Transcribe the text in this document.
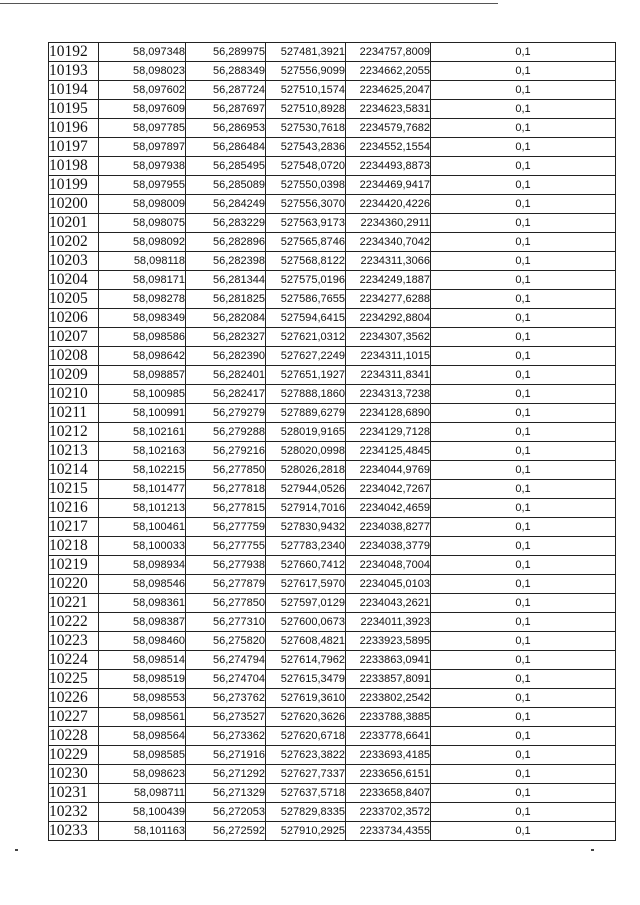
10192	58,097348	56,289975	527481,3921	2234757,8009	0,1
10193	58,098023	56,288349	527556,9099	2234662,2055	0,1
10194	58,097602	56,287724	527510,1574	2234625,2047	0,1
10195	58,097609	56,287697	527510,8928	2234623,5831	0,1
10196	58,097785	56,286953	527530,7618	2234579,7682	0,1
10197	58,097897	56,286484	527543,2836	2234552,1554	0,1
10198	58,097938	56,285495	527548,0720	2234493,8873	0,1
10199	58,097955	56,285089	527550,0398	2234469,9417	0,1
10200	58,098009	56,284249	527556,3070	2234420,4226	0,1
10201	58,098075	56,283229	527563,9173	2234360,2911	0,1
10202	58,098092	56,282896	527565,8746	2234340,7042	0,1
10203	58,098118	56,282398	527568,8122	2234311,3066	0,1
10204	58,098171	56,281344	527575,0196	2234249,1887	0,1
10205	58,098278	56,281825	527586,7655	2234277,6288	0,1
10206	58,098349	56,282084	527594,6415	2234292,8804	0,1
10207	58,098586	56,282327	527621,0312	2234307,3562	0,1
10208	58,098642	56,282390	527627,2249	2234311,1015	0,1
10209	58,098857	56,282401	527651,1927	2234311,8341	0,1
10210	58,100985	56,282417	527888,1860	2234313,7238	0,1
10211	58,100991	56,279279	527889,6279	2234128,6890	0,1
10212	58,102161	56,279288	528019,9165	2234129,7128	0,1
10213	58,102163	56,279216	528020,0998	2234125,4845	0,1
10214	58,102215	56,277850	528026,2818	2234044,9769	0,1
10215	58,101477	56,277818	527944,0526	2234042,7267	0,1
10216	58,101213	56,277815	527914,7016	2234042,4659	0,1
10217	58,100461	56,277759	527830,9432	2234038,8277	0,1
10218	58,100033	56,277755	527783,2340	2234038,3779	0,1
10219	58,098934	56,277938	527660,7412	2234048,7004	0,1
10220	58,098546	56,277879	527617,5970	2234045,0103	0,1
10221	58,098361	56,277850	527597,0129	2234043,2621	0,1
10222	58,098387	56,277310	527600,0673	2234011,3923	0,1
10223	58,098460	56,275820	527608,4821	2233923,5895	0,1
10224	58,098514	56,274794	527614,7962	2233863,0941	0,1
10225	58,098519	56,274704	527615,3479	2233857,8091	0,1
10226	58,098553	56,273762	527619,3610	2233802,2542	0,1
10227	58,098561	56,273527	527620,3626	2233788,3885	0,1
10228	58,098564	56,273362	527620,6718	2233778,6641	0,1
10229	58,098585	56,271916	527623,3822	2233693,4185	0,1
10230	58,098623	56,271292	527627,7337	2233656,6151	0,1
10231	58,098711	56,271329	527637,5718	2233658,8407	0,1
10232	58,100439	56,272053	527829,8335	2233702,3572	0,1
10233	58,101163	56,272592	527910,2925	2233734,4355	0,1
